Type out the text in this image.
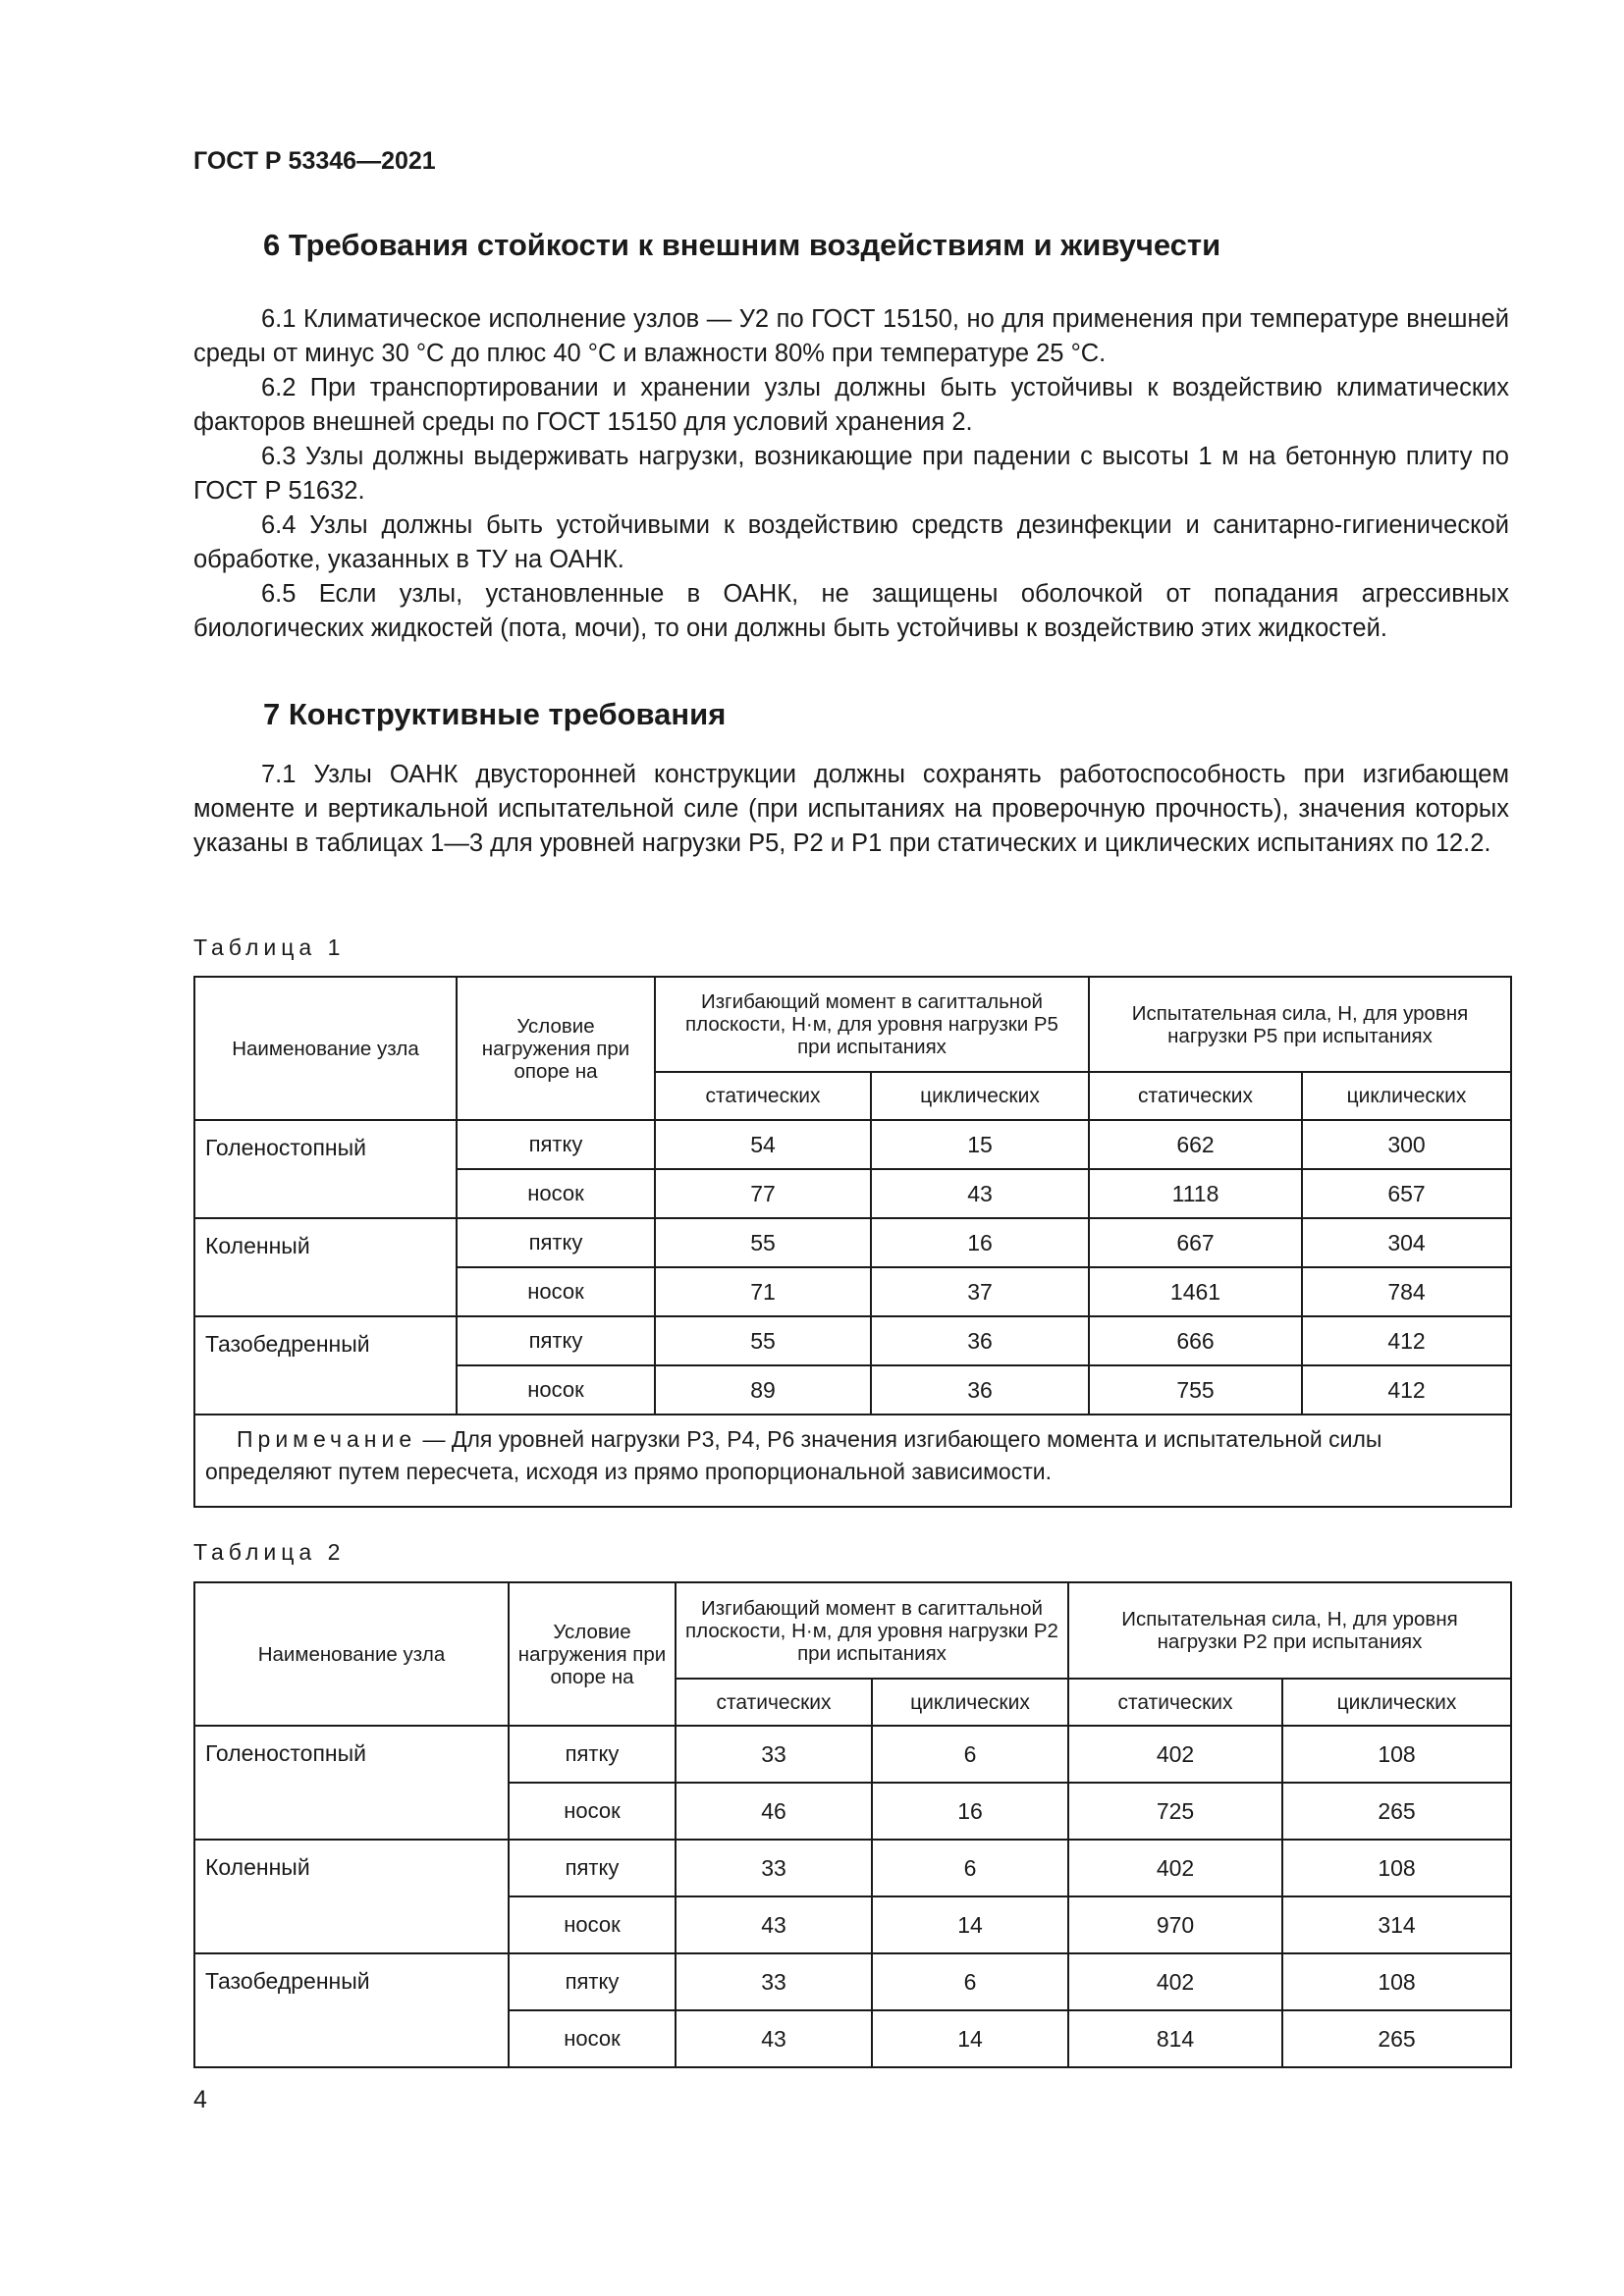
ГОСТ Р 53346—2021
6 Требования стойкости к внешним воздействиям и живучести

6.1 Климатическое исполнение узлов — У2 по ГОСТ 15150, но для применения при температуре внешней среды от минус 30 °С до плюс 40 °С и влажности 80% при температуре 25 °С.

6.2 При транспортировании и хранении узлы должны быть устойчивы к воздействию климатических факторов внешней среды по ГОСТ 15150 для условий хранения 2.

6.3 Узлы должны выдерживать нагрузки, возникающие при падении с высоты 1 м на бетонную плиту по ГОСТ Р 51632.

6.4 Узлы должны быть устойчивыми к воздействию средств дезинфекции и санитарно-гигиенической обработке, указанных в ТУ на ОАНК.

6.5 Если узлы, установленные в ОАНК, не защищены оболочкой от попадания агрессивных биологических жидкостей (пота, мочи), то они должны быть устойчивы к воздействию этих жидкостей.

7 Конструктивные требования

7.1 Узлы ОАНК двусторонней конструкции должны сохранять работоспособность при изгибающем моменте и вертикальной испытательной силе (при испытаниях на проверочную прочность), значения которых указаны в таблицах 1—3 для уровней нагрузки Р5, Р2 и Р1 при статических и циклических испытаниях по 12.2.

Таблица 1
Наименование узла	Условие нагружения при опоре на	Изгибающий момент в сагиттальной плоскости, Н·м, для уровня нагрузки Р5 при испытаниях		Испытательная сила, Н, для уровня нагрузки Р5 при испытаниях	
		статических	циклических	статических	циклических
Голеностопный	пятку	54	15	662	300
	носок	77	43	1118	657
Коленный	пятку	55	16	667	304
	носок	71	37	1461	784
Тазобедренный	пятку	55	36	666	412
	носок	89	36	755	412
Примечание — Для уровней нагрузки Р3, Р4, Р6 значения изгибающего момента и испытательной силы определяют путем пересчета, исходя из прямо пропорциональной зависимости.					
Таблица 2
Наименование узла	Условие нагружения при опоре на	Изгибающий момент в сагиттальной плоскости, Н·м, для уровня нагрузки Р2 при испытаниях		Испытательная сила, Н, для уровня нагрузки Р2 при испытаниях	
		статических	циклических	статических	циклических
Голеностопный	пятку	33	6	402	108
	носок	46	16	725	265
Коленный	пятку	33	6	402	108
	носок	43	14	970	314
Тазобедренный	пятку	33	6	402	108
	носок	43	14	814	265
4
